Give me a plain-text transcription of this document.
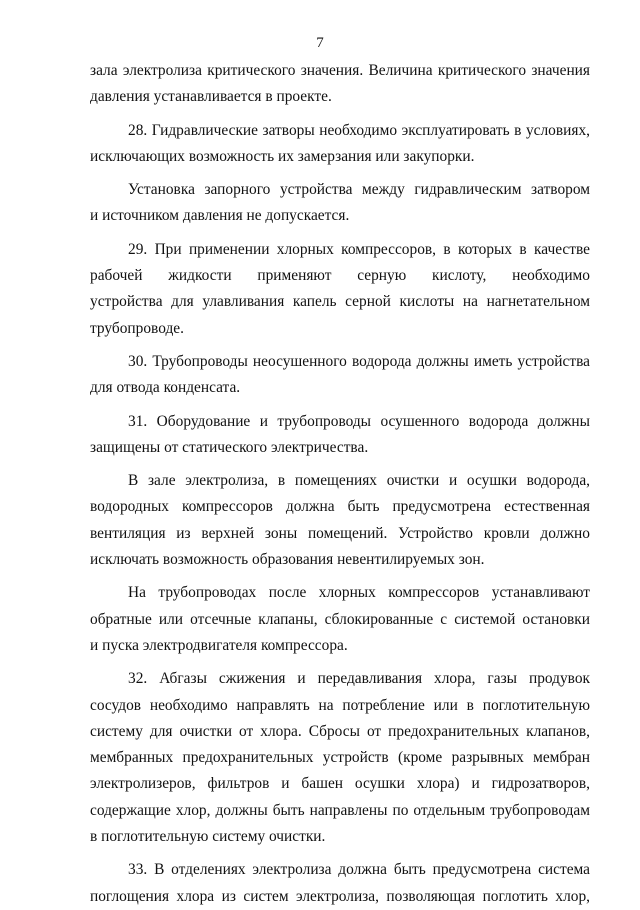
7
зала электролиза критического значения. Величина критического значения
давления устанавливается в проекте.
28. Гидравлические затворы необходимо эксплуатировать в условиях,
исключающих возможность их замерзания или закупорки.
Установка запорного устройства между гидравлическим затвором
и источником давления не допускается.
29. При применении хлорных компрессоров, в которых в качестве
рабочей жидкости применяют серную кислоту, необходимо
устройства для улавливания капель серной кислоты на нагнетательном
трубопроводе.
30. Трубопроводы неосушенного водорода должны иметь устройства
для отвода конденсата.
31. Оборудование и трубопроводы осушенного водорода должны
защищены от статического электричества.
В зале электролиза, в помещениях очистки и осушки водорода,
водородных компрессоров должна быть предусмотрена естественная
вентиляция из верхней зоны помещений. Устройство кровли должно
исключать возможность образования невентилируемых зон.
На трубопроводах после хлорных компрессоров устанавливают
обратные или отсечные клапаны, сблокированные с системой остановки
и пуска электродвигателя компрессора.
32. Абгазы сжижения и передавливания хлора, газы продувок
сосудов необходимо направлять на потребление или в поглотительную
систему для очистки от хлора. Сбросы от предохранительных клапанов,
мембранных предохранительных устройств (кроме разрывных мембран
электролизеров, фильтров и башен осушки хлора) и гидрозатворов,
содержащие хлор, должны быть направлены по отдельным трубопроводам
в поглотительную систему очистки.
33. В отделениях электролиза должна быть предусмотрена система
поглощения хлора из систем электролиза, позволяющая поглотить хлор,
